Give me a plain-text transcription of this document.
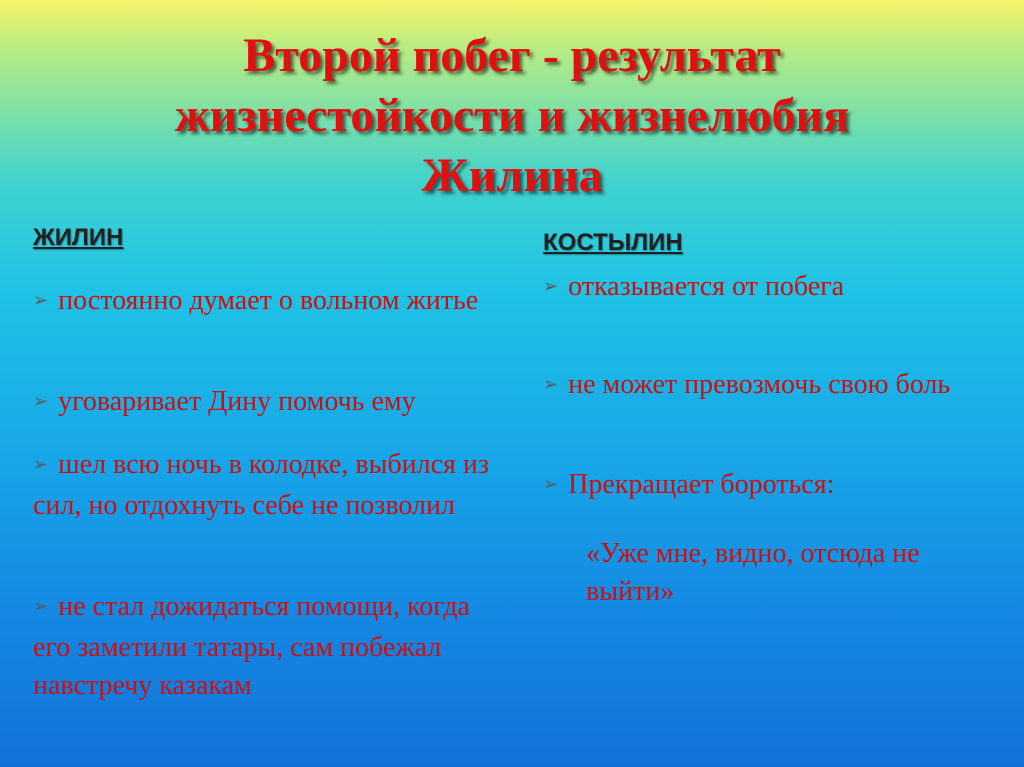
Второй побег - результат
жизнестойкости и жизнелюбия
Жилина
ЖИЛИН
➢ постоянно думает о вольном житье
➢ уговаривает Дину помочь ему
➢ шел всю ночь в колодке, выбился из сил, но отдохнуть себе не позволил
➢ не стал дожидаться помощи, когда его заметили татары, сам побежал навстречу казакам
КОСТЫЛИН
➢ отказывается от побега
➢ не может превозмочь свою боль
➢ Прекращает бороться:
«Уже мне, видно, отсюда не выйти»
